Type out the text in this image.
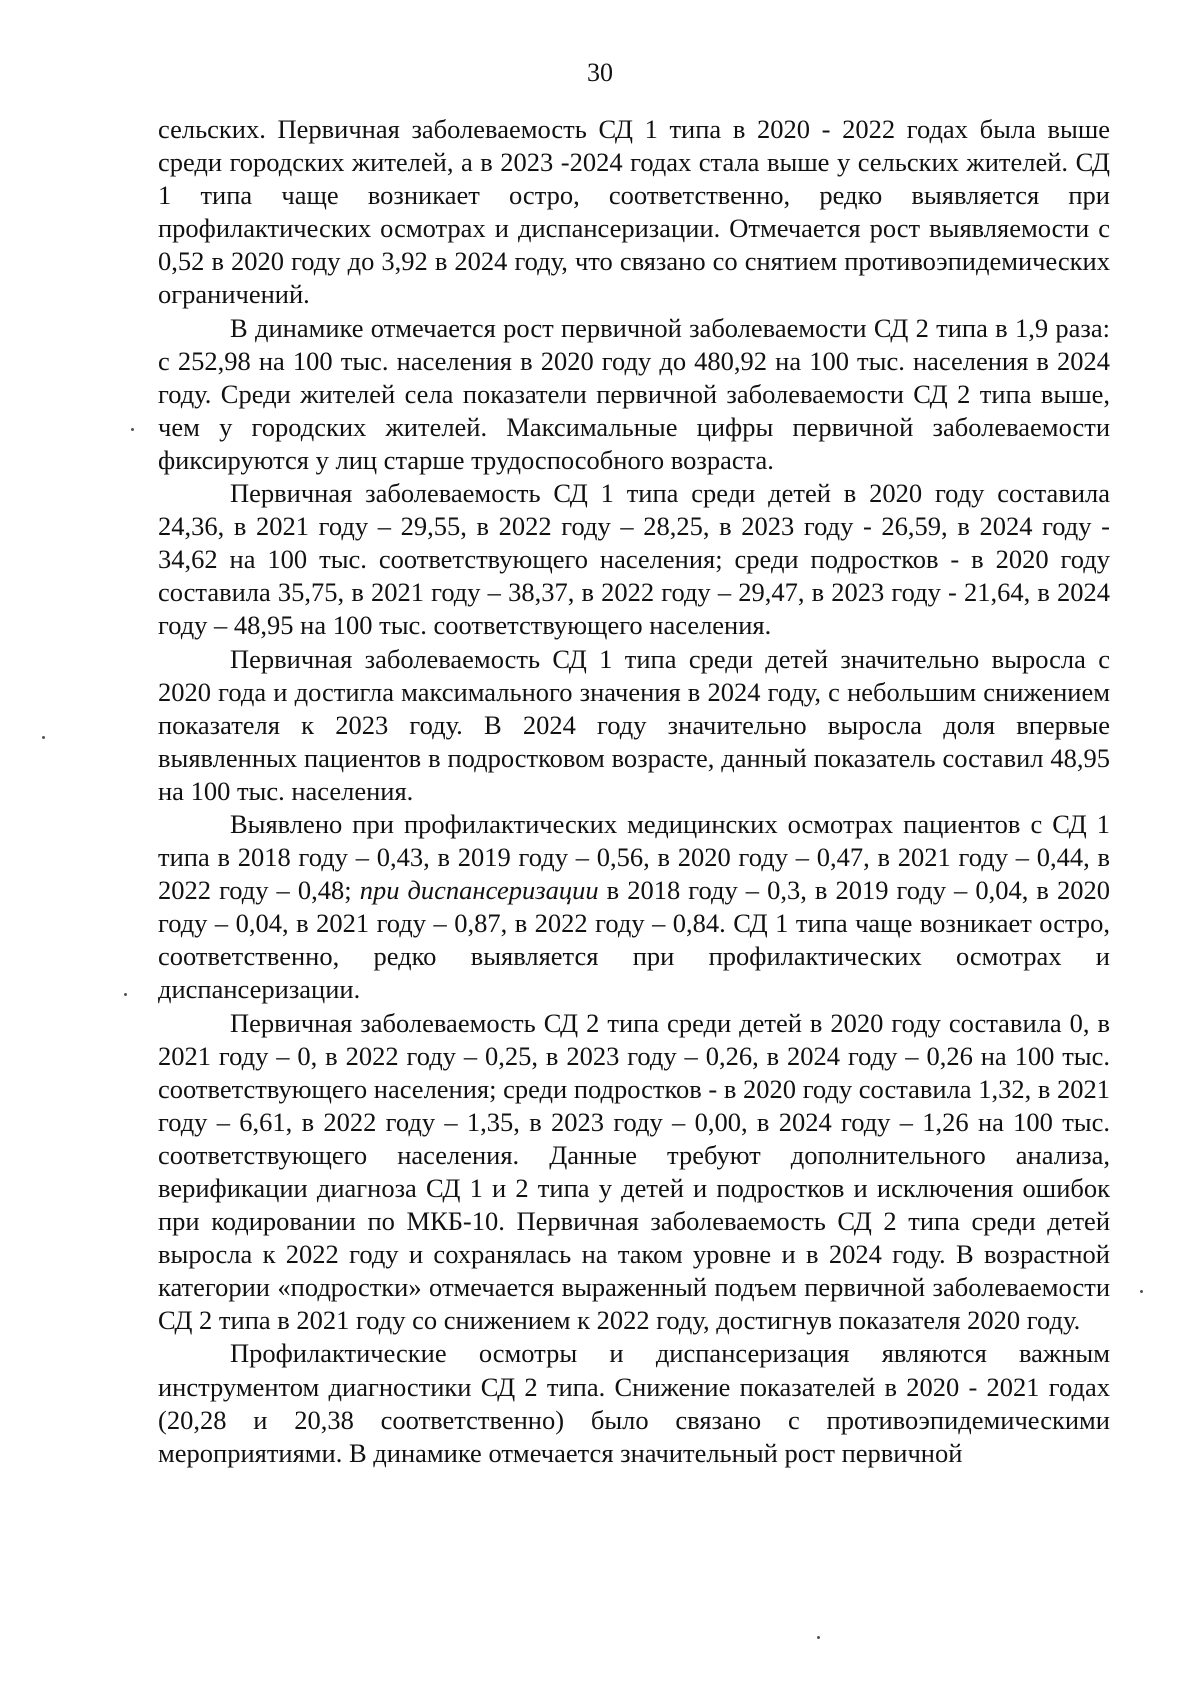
30

сельских. Первичная заболеваемость СД 1 типа в 2020 - 2022 годах была выше среди городских жителей, а в 2023 -2024 годах стала выше у сельских жителей. СД 1 типа чаще возникает остро, соответственно, редко выявляется при профилактических осмотрах и диспансеризации. Отмечается рост выявляемости с 0,52 в 2020 году до 3,92 в 2024 году, что связано со снятием противоэпидемических ограничений.

В динамике отмечается рост первичной заболеваемости СД 2 типа в 1,9 раза: с 252,98 на 100 тыс. населения в 2020 году до 480,92 на 100 тыс. населения в 2024 году. Среди жителей села показатели первичной заболеваемости СД 2 типа выше, чем у городских жителей. Максимальные цифры первичной заболеваемости фиксируются у лиц старше трудоспособного возраста.

Первичная заболеваемость СД 1 типа среди детей в 2020 году составила 24,36, в 2021 году – 29,55, в 2022 году – 28,25, в 2023 году - 26,59, в 2024 году - 34,62 на 100 тыс. соответствующего населения; среди подростков - в 2020 году составила 35,75, в 2021 году – 38,37, в 2022 году – 29,47, в 2023 году - 21,64, в 2024 году – 48,95 на 100 тыс. соответствующего населения.

Первичная заболеваемость СД 1 типа среди детей значительно выросла с 2020 года и достигла максимального значения в 2024 году, с небольшим снижением показателя к 2023 году. В 2024 году значительно выросла доля впервые выявленных пациентов в подростковом возрасте, данный показатель составил 48,95 на 100 тыс. населения.

Выявлено при профилактических медицинских осмотрах пациентов с СД 1 типа в 2018 году – 0,43, в 2019 году – 0,56, в 2020 году – 0,47, в 2021 году – 0,44, в 2022 году – 0,48; при диспансеризации в 2018 году – 0,3, в 2019 году – 0,04, в 2020 году – 0,04, в 2021 году – 0,87, в 2022 году – 0,84. СД 1 типа чаще возникает остро, соответственно, редко выявляется при профилактических осмотрах и диспансеризации.

Первичная заболеваемость СД 2 типа среди детей в 2020 году составила 0, в 2021 году – 0, в 2022 году – 0,25, в 2023 году – 0,26, в 2024 году – 0,26 на 100 тыс. соответствующего населения; среди подростков - в 2020 году составила 1,32, в 2021 году – 6,61, в 2022 году – 1,35, в 2023 году – 0,00, в 2024 году – 1,26 на 100 тыс. соответствующего населения. Данные требуют дополнительного анализа, верификации диагноза СД 1 и 2 типа у детей и подростков и исключения ошибок при кодировании по МКБ-10. Первичная заболеваемость СД 2 типа среди детей выросла к 2022 году и сохранялась на таком уровне и в 2024 году. В возрастной категории «подростки» отмечается выраженный подъем первичной заболеваемости СД 2 типа в 2021 году со снижением к 2022 году, достигнув показателя 2020 году.

Профилактические осмотры и диспансеризация являются важным инструментом диагностики СД 2 типа. Снижение показателей в 2020 - 2021 годах (20,28 и 20,38 соответственно) было связано с противоэпидемическими мероприятиями. В динамике отмечается значительный рост первичной
